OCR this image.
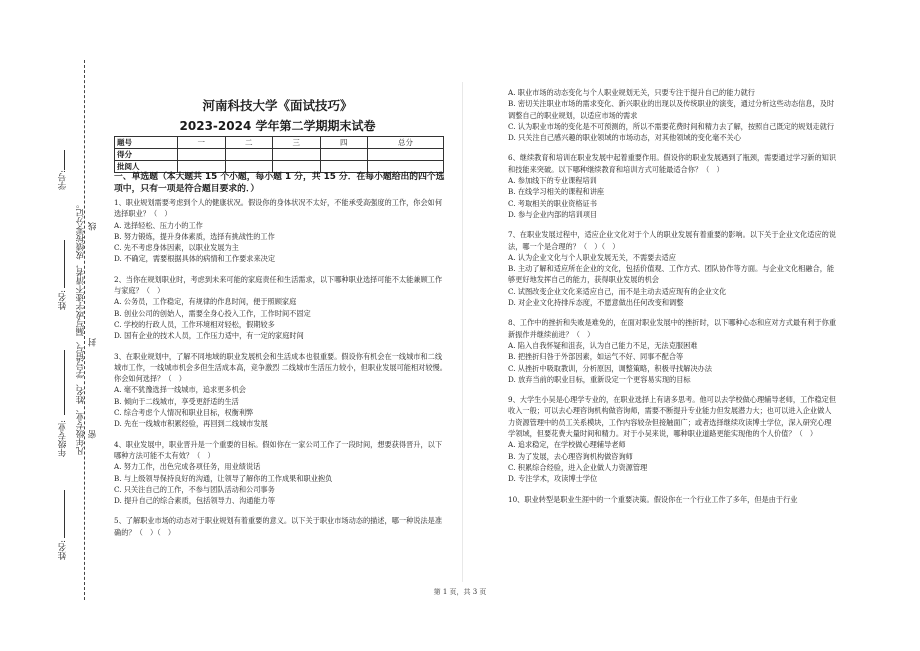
学号:
姓名:
年级专业:
姓名:
凡年级专业、姓名、学号错写、漏写或字迹不清者，成绩按零分记。 密
封
线
河南科技大学《面试技巧》
2023-2024 学年第二学期期末试卷
题号	一	二	三	四	总分
得分					
批阅人					
一、单选题（本大题共 15 个小题，每小题 1 分，共 15 分．在每小题给出的四个选项中，只有一项是符合题目要求的．）

1、职业规划需要考虑到个人的健康状况。假设你的身体状况不太好，不能承受高强度的工作，你会如何选择职业？（　）

A. 选择轻松、压力小的工作

B. 努力锻炼，提升身体素质，选择有挑战性的工作

C. 先不考虑身体因素，以职业发展为主

D. 不确定，需要根据具体的病情和工作要求来决定

2、当你在规划职业时，考虑到未来可能的家庭责任和生活需求，以下哪种职业选择可能不太能兼顾工作与家庭？（　）

A. 公务员，工作稳定，有规律的作息时间，便于照顾家庭

B. 创业公司的创始人，需要全身心投入工作，工作时间不固定

C. 学校的行政人员，工作环境相对轻松，假期较多

D. 国有企业的技术人员，工作压力适中，有一定的家庭时间

3、在职业规划中，了解不同地域的职业发展机会和生活成本也很重要。假设你有机会在一线城市和二线城市工作，一线城市机会多但生活成本高，竞争激烈 二线城市生活压力较小，但职业发展可能相对较慢。你会如何选择？（　）

A. 毫不犹豫选择一线城市，追求更多机会

B. 倾向于二线城市，享受更舒适的生活

C. 综合考虑个人情况和职业目标，权衡利弊

D. 先在一线城市积累经验，再回到二线城市发展

4、职业发展中，职业晋升是一个重要的目标。假如你在一家公司工作了一段时间，想要获得晋升，以下哪种方法可能不太有效？（　）

A. 努力工作，出色完成各项任务，用业绩说话

B. 与上级领导保持良好的沟通，让领导了解你的工作成果和职业抱负

C. 只关注自己的工作，不参与团队活动和公司事务

D. 提升自己的综合素质，包括领导力、沟通能力等

5、了解职业市场的动态对于职业规划有着重要的意义。以下关于职业市场动态的描述，哪一种说法是准确的？（　）（　）

A. 职业市场的动态变化与个人职业规划无关，只要专注于提升自己的能力就行

B. 密切关注职业市场的需求变化、新兴职业的出现以及传统职业的演变，通过分析这些动态信息，及时调整自己的职业规划，以适应市场的需求

C. 认为职业市场的变化是不可预测的，所以不需要花费时间和精力去了解，按照自己既定的规划走就行

D. 只关注自己感兴趣的职业领域的市场动态，对其他领域的变化毫不关心

6、继续教育和培训在职业发展中起着重要作用。假设你的职业发展遇到了瓶颈，需要通过学习新的知识和技能来突破。以下哪种继续教育和培训方式可能最适合你？（　）

A. 参加线下的专业课程培训

B. 在线学习相关的课程和讲座

C. 考取相关的职业资格证书

D. 参与企业内部的培训项目

7、在职业发展过程中，适应企业文化对于个人的职业发展有着重要的影响。以下关于企业文化适应的说法，哪一个是合理的？（　）（　）

A. 认为企业文化与个人职业发展无关，不需要去适应

B. 主动了解和适应所在企业的文化，包括价值观、工作方式、团队协作等方面。与企业文化相融合，能够更好地发挥自己的能力，获得职业发展的机会

C. 试图改变企业文化来适应自己，而不是主动去适应现有的企业文化

D. 对企业文化持排斥态度，不愿意做出任何改变和调整

8、工作中的挫折和失败是难免的，在面对职业发展中的挫折时，以下哪种心态和应对方式最有利于你重新振作并继续前进？（　）

A. 陷入自我怀疑和沮丧，认为自己能力不足，无法克服困难

B. 把挫折归咎于外部因素，如运气不好、同事不配合等

C. 从挫折中吸取教训，分析原因，调整策略，积极寻找解决办法

D. 放弃当前的职业目标，重新设定一个更容易实现的目标

9、大学生小吴是心理学专业的，在职业选择上有诸多思考。他可以去学校做心理辅导老师，工作稳定但收入一般；可以去心理咨询机构做咨询师，需要不断提升专业能力但发展潜力大；也可以进入企业做人力资源管理中的员工关系模块，工作内容较杂但接触面广；或者选择继续攻读博士学位，深入研究心理学领域，但要花费大量时间和精力。对于小吴来说，哪种职业道路更能实现他的个人价值？（　）

A. 追求稳定，在学校做心理辅导老师

B. 为了发展，去心理咨询机构做咨询师

C. 积累综合经验，进入企业做人力资源管理

D. 专注学术，攻读博士学位

10、职业转型是职业生涯中的一个重要决策。假设你在一个行业工作了多年，但是由于行业

第 1 页，共 3 页
